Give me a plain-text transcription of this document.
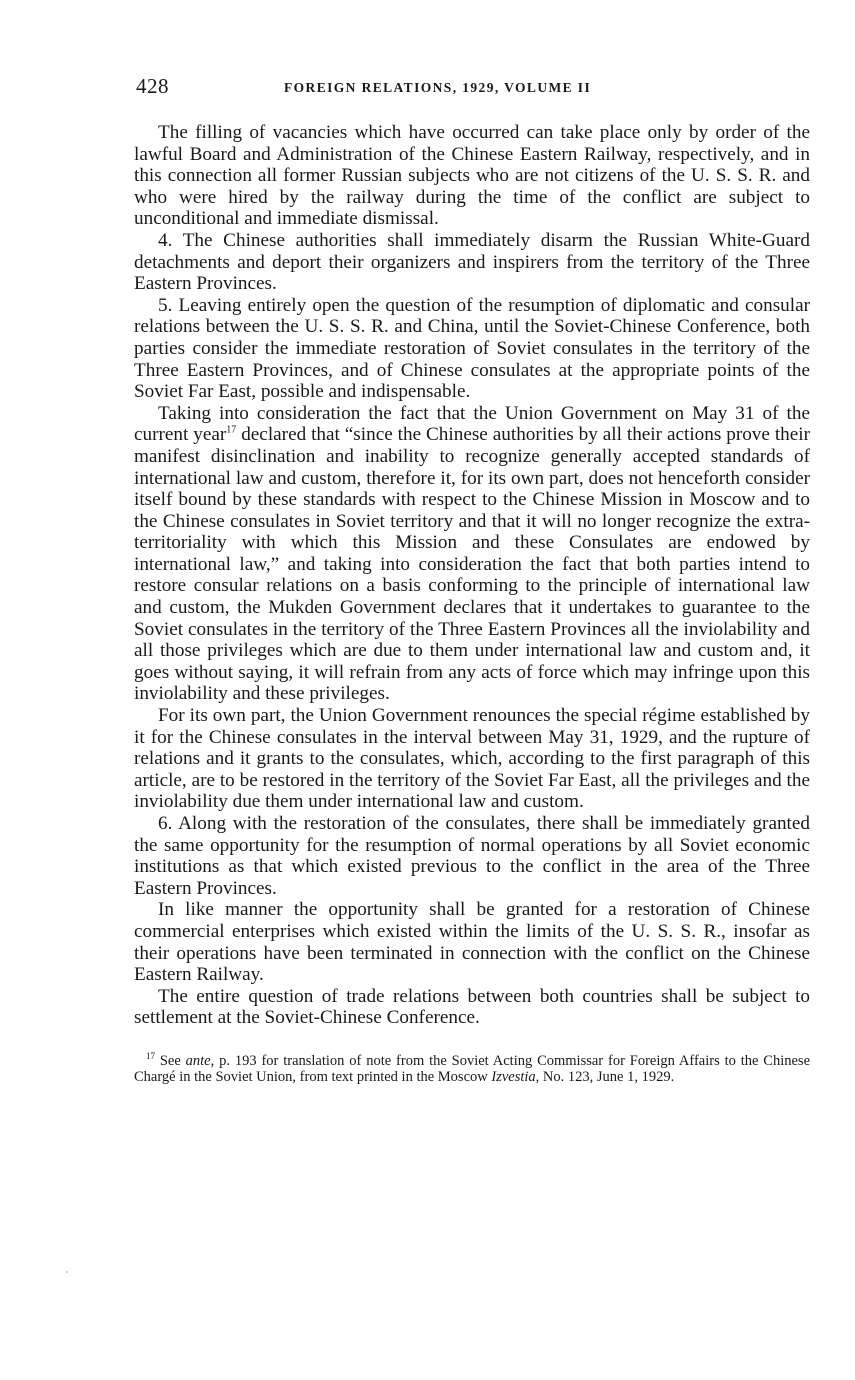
428	FOREIGN RELATIONS, 1929, VOLUME II

The filling of vacancies which have occurred can take place only by order of the lawful Board and Administration of the Chinese Eastern Railway, respectively, and in this connection all former Russian subjects who are not citizens of the U. S. S. R. and who were hired by the railway during the time of the conflict are subject to unconditional and immediate dismissal.

4. The Chinese authorities shall immediately disarm the Russian White-Guard detachments and deport their organizers and inspirers from the territory of the Three Eastern Provinces.

5. Leaving entirely open the question of the resumption of diplomatic and consular relations between the U. S. S. R. and China, until the Soviet-Chinese Conference, both parties consider the immediate restoration of Soviet consulates in the territory of the Three Eastern Provinces, and of Chinese consulates at the appropriate points of the Soviet Far East, possible and indispensable.

Taking into consideration the fact that the Union Government on May 31 of the current year$^{17}$ declared that “since the Chinese authorities by all their actions prove their manifest disinclination and inability to recognize generally accepted standards of international law and custom, therefore it, for its own part, does not henceforth consider itself bound by these standards with respect to the Chinese Mission in Moscow and to the Chinese consulates in Soviet territory and that it will no longer recognize the extra-territoriality with which this Mission and these Consulates are endowed by international law,” and taking into consideration the fact that both parties intend to restore consular relations on a basis conforming to the principle of international law and custom, the Mukden Government declares that it undertakes to guarantee to the Soviet consulates in the territory of the Three Eastern Provinces all the inviolability and all those privileges which are due to them under international law and custom and, it goes without saying, it will refrain from any acts of force which may infringe upon this inviolability and these privileges.

For its own part, the Union Government renounces the special régime established by it for the Chinese consulates in the interval between May 31, 1929, and the rupture of relations and it grants to the consulates, which, according to the first paragraph of this article, are to be restored in the territory of the Soviet Far East, all the privileges and the inviolability due them under international law and custom.

6. Along with the restoration of the consulates, there shall be immediately granted the same opportunity for the resumption of normal operations by all Soviet economic institutions as that which existed previous to the conflict in the area of the Three Eastern Provinces.

In like manner the opportunity shall be granted for a restoration of Chinese commercial enterprises which existed within the limits of the U. S. S. R., insofar as their operations have been terminated in connection with the conflict on the Chinese Eastern Railway.

The entire question of trade relations between both countries shall be subject to settlement at the Soviet-Chinese Conference.

$^{17}$ See ante, p. 193 for translation of note from the Soviet Acting Commissar for Foreign Affairs to the Chinese Chargé in the Soviet Union, from text printed in the Moscow Izvestia, No. 123, June 1, 1929.
